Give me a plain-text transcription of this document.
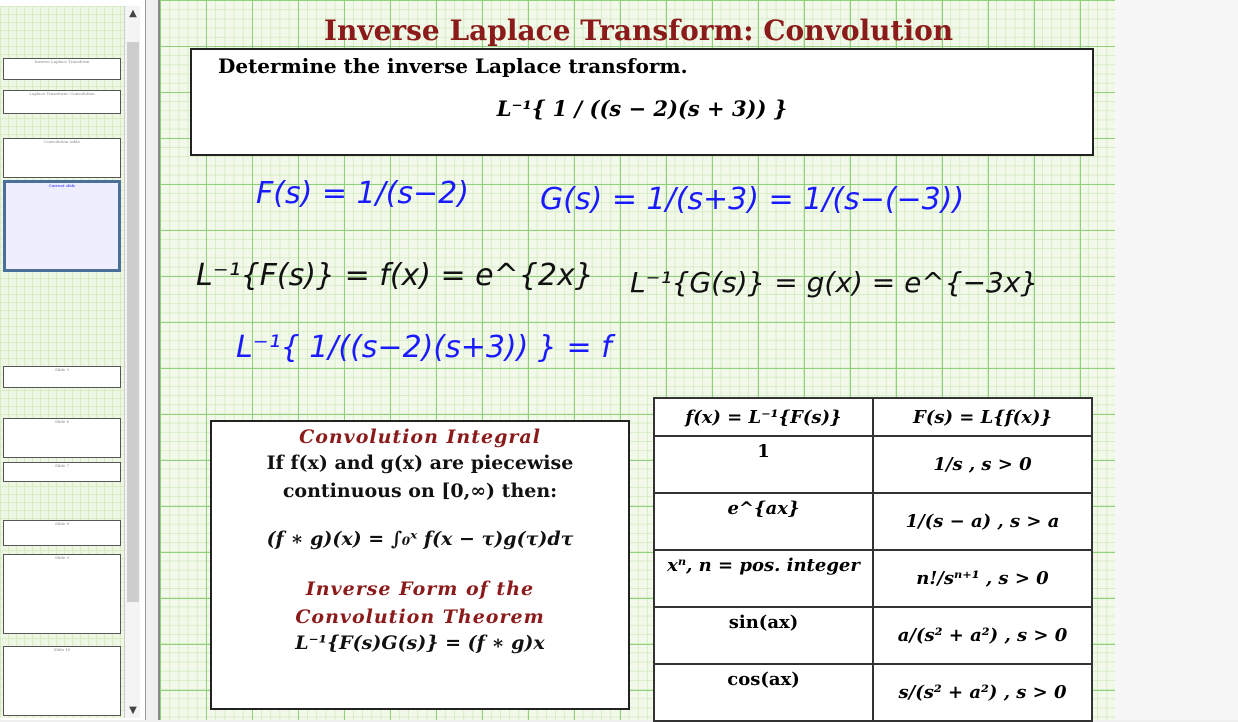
Inverse Laplace Transform
Laplace Transform: Convolution
Convolution table
Current slide
Slide 5
Slide 6
Slide 7
Slide 8
Slide 9
Slide 10
▲
▼
Inverse Laplace Transform: Convolution
Determine the inverse Laplace transform.
L⁻¹{ 1 / ((s − 2)(s + 3)) }
F(s) = 1/(s−2) G(s) = 1/(s+3) = 1/(s−(−3))
L⁻¹{F(s)} = f(x) = e^{2x} L⁻¹{G(s)} = g(x) = e^{−3x}
L⁻¹{ 1/((s−2)(s+3)) } = f
Convolution Integral
If f(x) and g(x) are piecewise
continuous on [0,∞) then:
(f ∗ g)(x) = ∫₀ˣ f(x − τ)g(τ)dτ
Inverse Form of the
Convolution Theorem
L⁻¹{F(s)G(s)} = (f ∗ g)x
f(x) = L⁻¹{F(s)}	F(s) = L{f(x)}
1	1/s , s > 0
e^{ax}	1/(s − a) , s > a
xⁿ, n = pos. integer	n!/sⁿ⁺¹ , s > 0
sin(ax)	a/(s² + a²) , s > 0
cos(ax)	s/(s² + a²) , s > 0
